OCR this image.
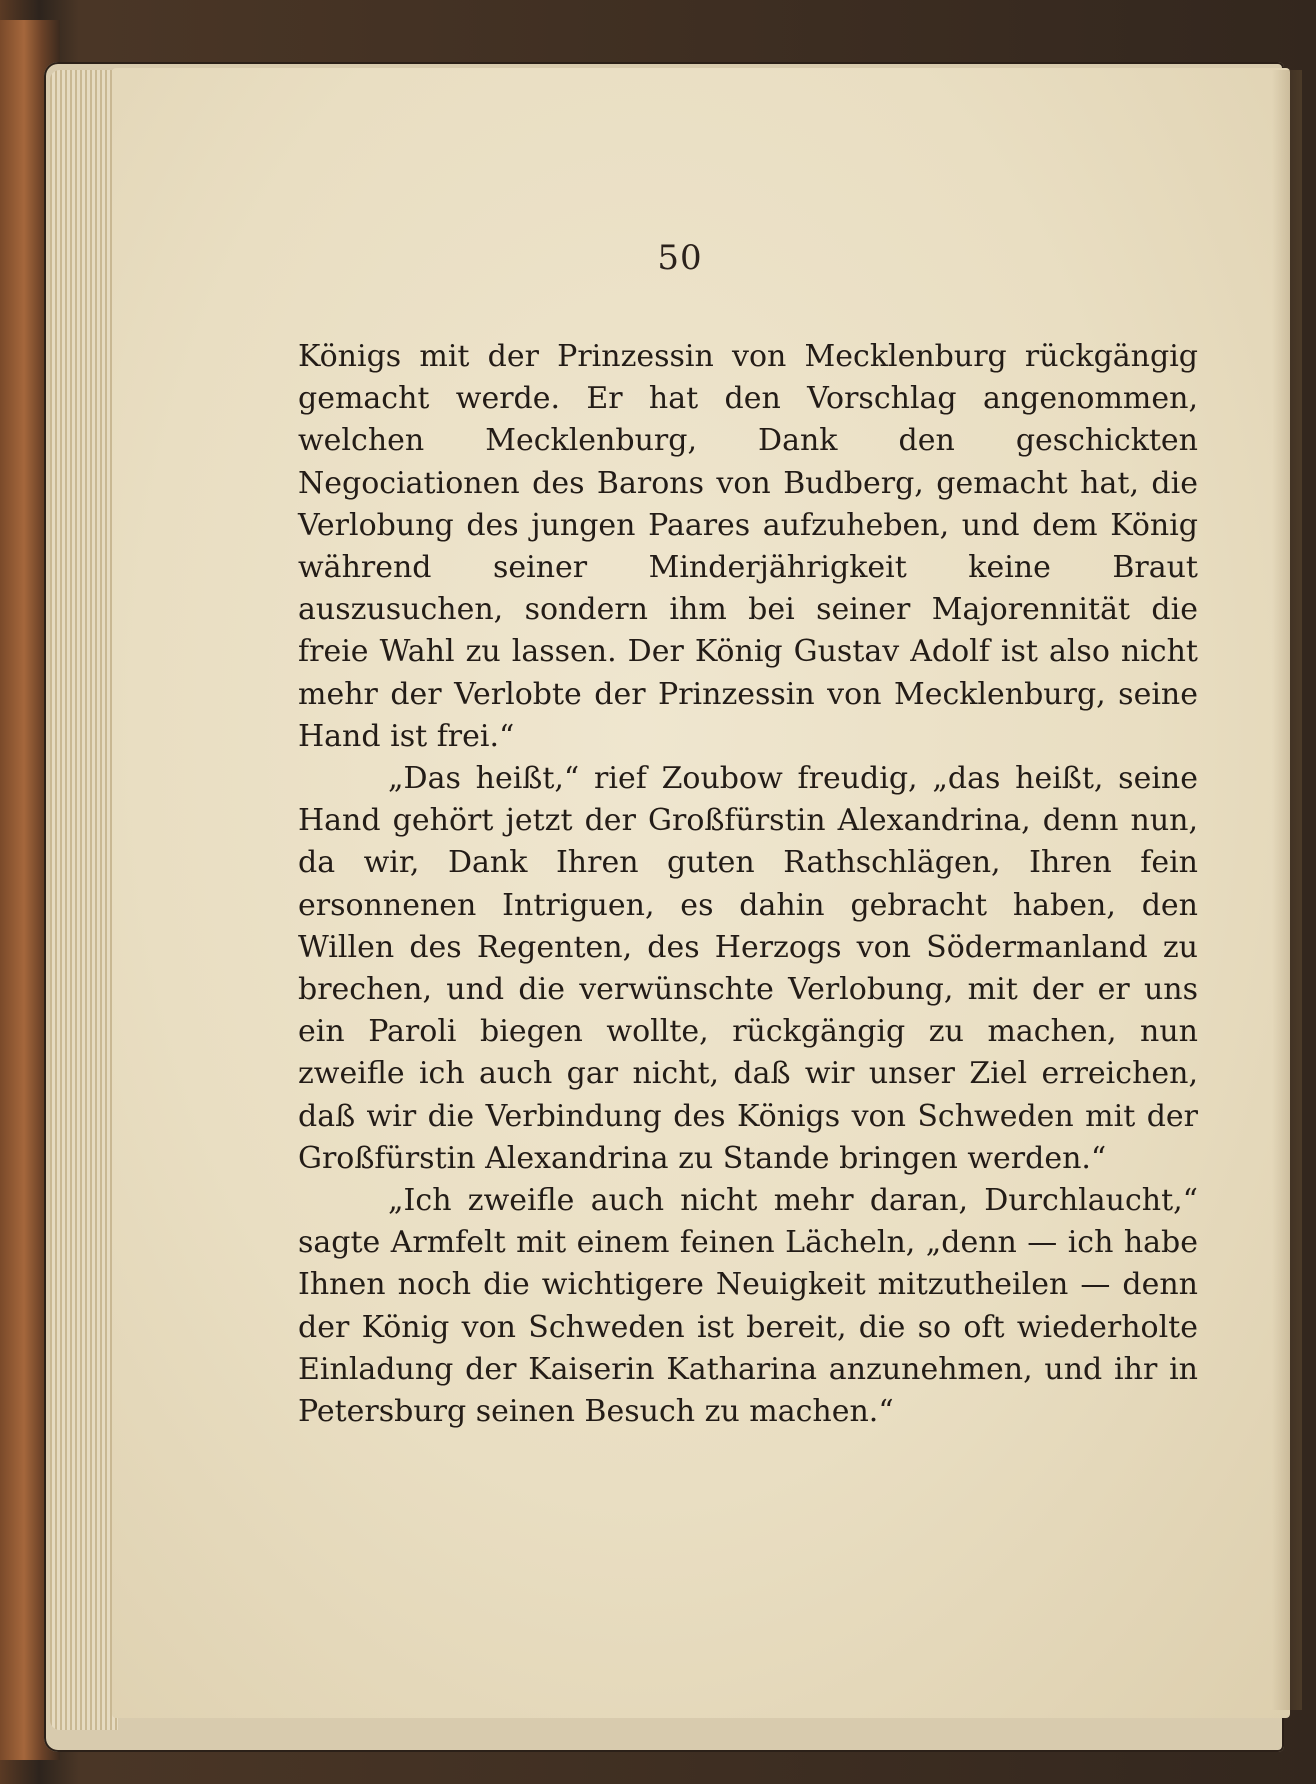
50

Königs mit der Prinzessin von Mecklenburg rückgängig gemacht werde. Er hat den Vorschlag angenommen, welchen Mecklenburg, Dank den geschickten Negociationen des Barons von Budberg, gemacht hat, die Verlobung des jungen Paares aufzuheben, und dem König während seiner Minderjährigkeit keine Braut auszusuchen, sondern ihm bei seiner Majorennität die freie Wahl zu lassen. Der König Gustav Adolf ist also nicht mehr der Verlobte der Prinzessin von Mecklenburg, seine Hand ist frei.“

„Das heißt,“ rief Zoubow freudig, „das heißt, seine Hand gehört jetzt der Großfürstin Alexandrina, denn nun, da wir, Dank Ihren guten Rathschlägen, Ihren fein ersonnenen Intriguen, es dahin gebracht haben, den Willen des Regenten, des Herzogs von Södermanland zu brechen, und die verwünschte Verlobung, mit der er uns ein Paroli biegen wollte, rückgängig zu machen, nun zweifle ich auch gar nicht, daß wir unser Ziel erreichen, daß wir die Verbindung des Königs von Schweden mit der Großfürstin Alexandrina zu Stande bringen werden.“

„Ich zweifle auch nicht mehr daran, Durchlaucht,“ sagte Armfelt mit einem feinen Lächeln, „denn — ich habe Ihnen noch die wichtigere Neuigkeit mitzutheilen — denn der König von Schweden ist bereit, die so oft wiederholte Einladung der Kaiserin Katharina anzunehmen, und ihr in Petersburg seinen Besuch zu machen.“
